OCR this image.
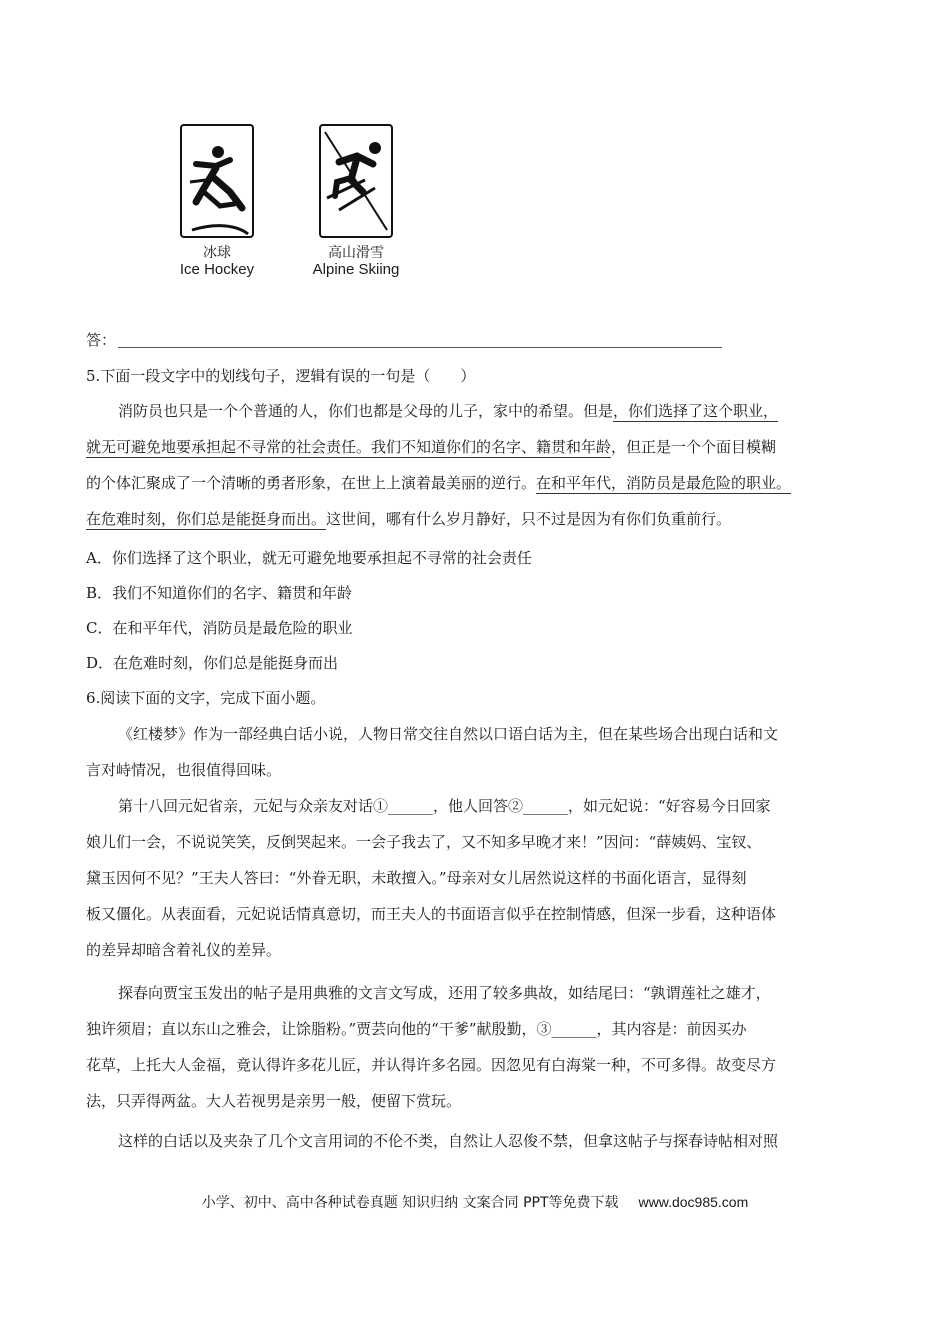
冰球
Ice Hockey
高山滑雪
Alpine Skiing
答：
5.下面一段文字中的划线句子，逻辑有误的一句是（　　）
消防员也只是一个个普通的人，你们也都是父母的儿子，家中的希望。但是，你们选择了这个职业，
就无可避免地要承担起不寻常的社会责任。我们不知道你们的名字、籍贯和年龄，但正是一个个面目模糊
的个体汇聚成了一个清晰的勇者形象，在世上上演着最美丽的逆行。在和平年代，消防员是最危险的职业。
在危难时刻，你们总是能挺身而出。这世间，哪有什么岁月静好，只不过是因为有你们负重前行。
A．你们选择了这个职业，就无可避免地要承担起不寻常的社会责任
B．我们不知道你们的名字、籍贯和年龄
C．在和平年代，消防员是最危险的职业
D．在危难时刻，你们总是能挺身而出
6.阅读下面的文字，完成下面小题。
《红楼梦》作为一部经典白话小说，人物日常交往自然以口语白话为主，但在某些场合出现白话和文
言对峙情况，也很值得回味。
第十八回元妃省亲，元妃与众亲友对话①______，他人回答②______，如元妃说：“好容易今日回家
娘儿们一会，不说说笑笑，反倒哭起来。一会子我去了，又不知多早晚才来！”因问：“薛姨妈、宝钗、
黛玉因何不见？”王夫人答曰：“外眷无职，未敢擅入。”母亲对女儿居然说这样的书面化语言，显得刻
板又僵化。从表面看，元妃说话情真意切，而王夫人的书面语言似乎在控制情感，但深一步看，这种语体
的差异却暗含着礼仪的差异。
探春向贾宝玉发出的帖子是用典雅的文言文写成，还用了较多典故，如结尾曰：“孰谓莲社之雄才，
独许须眉；直以东山之雅会，让馀脂粉。”贾芸向他的“干爹”献殷勤，③______，其内容是：前因买办
花草，上托大人金福，竟认得许多花儿匠，并认得许多名园。因忽见有白海棠一种，不可多得。故变尽方
法，只弄得两盆。大人若视男是亲男一般，便留下赏玩。
这样的白话以及夹杂了几个文言用词的不伦不类，自然让人忍俊不禁，但拿这帖子与探春诗帖相对照
小学、初中、高中各种试卷真题 知识归纳 文案合同 PPT等免费下载 www.doc985.com
